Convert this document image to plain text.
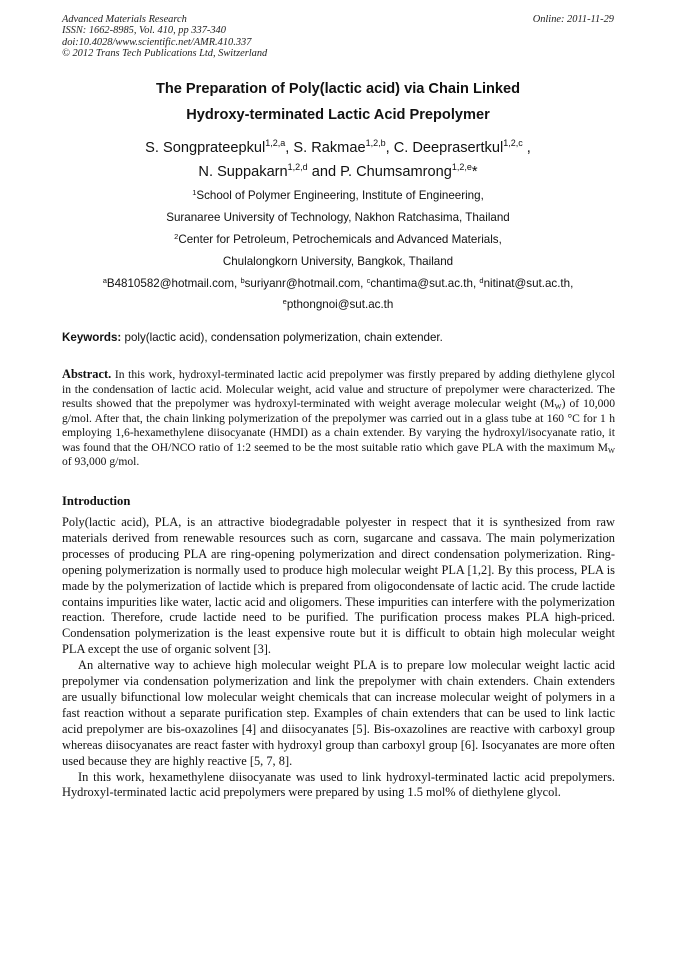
Advanced Materials Research
ISSN: 1662-8985, Vol. 410, pp 337-340
doi:10.4028/www.scientific.net/AMR.410.337
© 2012 Trans Tech Publications Ltd, Switzerland
Online: 2011-11-29
The Preparation of Poly(lactic acid) via Chain Linked
Hydroxy-terminated Lactic Acid Prepolymer
S. Songprateepkul$^{1,2,a}$, S. Rakmae$^{1,2,b}$, C. Deeprasertkul$^{1,2,c}$ ,
N. Suppakarn$^{1,2,d}$ and P. Chumsamrong$^{1,2,e}$*
$^1$School of Polymer Engineering, Institute of Engineering,
Suranaree University of Technology, Nakhon Ratchasima, Thailand
$^2$Center for Petroleum, Petrochemicals and Advanced Materials,
Chulalongkorn University, Bangkok, Thailand
$^a$B4810582@hotmail.com, $^b$suriyanr@hotmail.com, $^c$chantima@sut.ac.th, $^d$nitinat@sut.ac.th,
$^e$pthongnoi@sut.ac.th
Keywords: poly(lactic acid), condensation polymerization, chain extender.
Abstract. In this work, hydroxyl-terminated lactic acid prepolymer was firstly prepared by adding diethylene glycol in the condensation of lactic acid. Molecular weight, acid value and structure of prepolymer were characterized. The results showed that the prepolymer was hydroxyl-terminated with weight average molecular weight $(M_W)$ of 10,000 g/mol. After that, the chain linking polymerization of the prepolymer was carried out in a glass tube at 160 °C for 1 h employing 1,6-hexamethylene diisocyanate (HMDI) as a chain extender. By varying the hydroxyl/isocyanate ratio, it was found that the OH/NCO ratio of 1:2 seemed to be the most suitable ratio which gave PLA with the maximum $M_W$ of 93,000 g/mol.
Introduction

Poly(lactic acid), PLA, is an attractive biodegradable polyester in respect that it is synthesized from raw materials derived from renewable resources such as corn, sugarcane and cassava. The main polymerization processes of producing PLA are ring-opening polymerization and direct condensation polymerization. Ring-opening polymerization is normally used to produce high molecular weight PLA [1,2]. By this process, PLA is made by the polymerization of lactide which is prepared from oligocondensate of lactic acid. The crude lactide contains impurities like water, lactic acid and oligomers. These impurities can interfere with the polymerization reaction. Therefore, crude lactide need to be purified. The purification process makes PLA high-priced. Condensation polymerization is the least expensive route but it is difficult to obtain high molecular weight PLA except the use of organic solvent [3].

An alternative way to achieve high molecular weight PLA is to prepare low molecular weight lactic acid prepolymer via condensation polymerization and link the prepolymer with chain extenders. Chain extenders are usually bifunctional low molecular weight chemicals that can increase molecular weight of polymers in a fast reaction without a separate purification step. Examples of chain extenders that can be used to link lactic acid prepolymer are bis-oxazolines [4] and diisocyanates [5]. Bis-oxazolines are reactive with carboxyl group whereas diisocyanates are react faster with hydroxyl group than carboxyl group [6]. Isocyanates are more often used because they are highly reactive [5, 7, 8].

In this work, hexamethylene diisocyanate was used to link hydroxyl-terminated lactic acid prepolymers. Hydroxyl-terminated lactic acid prepolymers were prepared by using 1.5 mol% of diethylene glycol.
